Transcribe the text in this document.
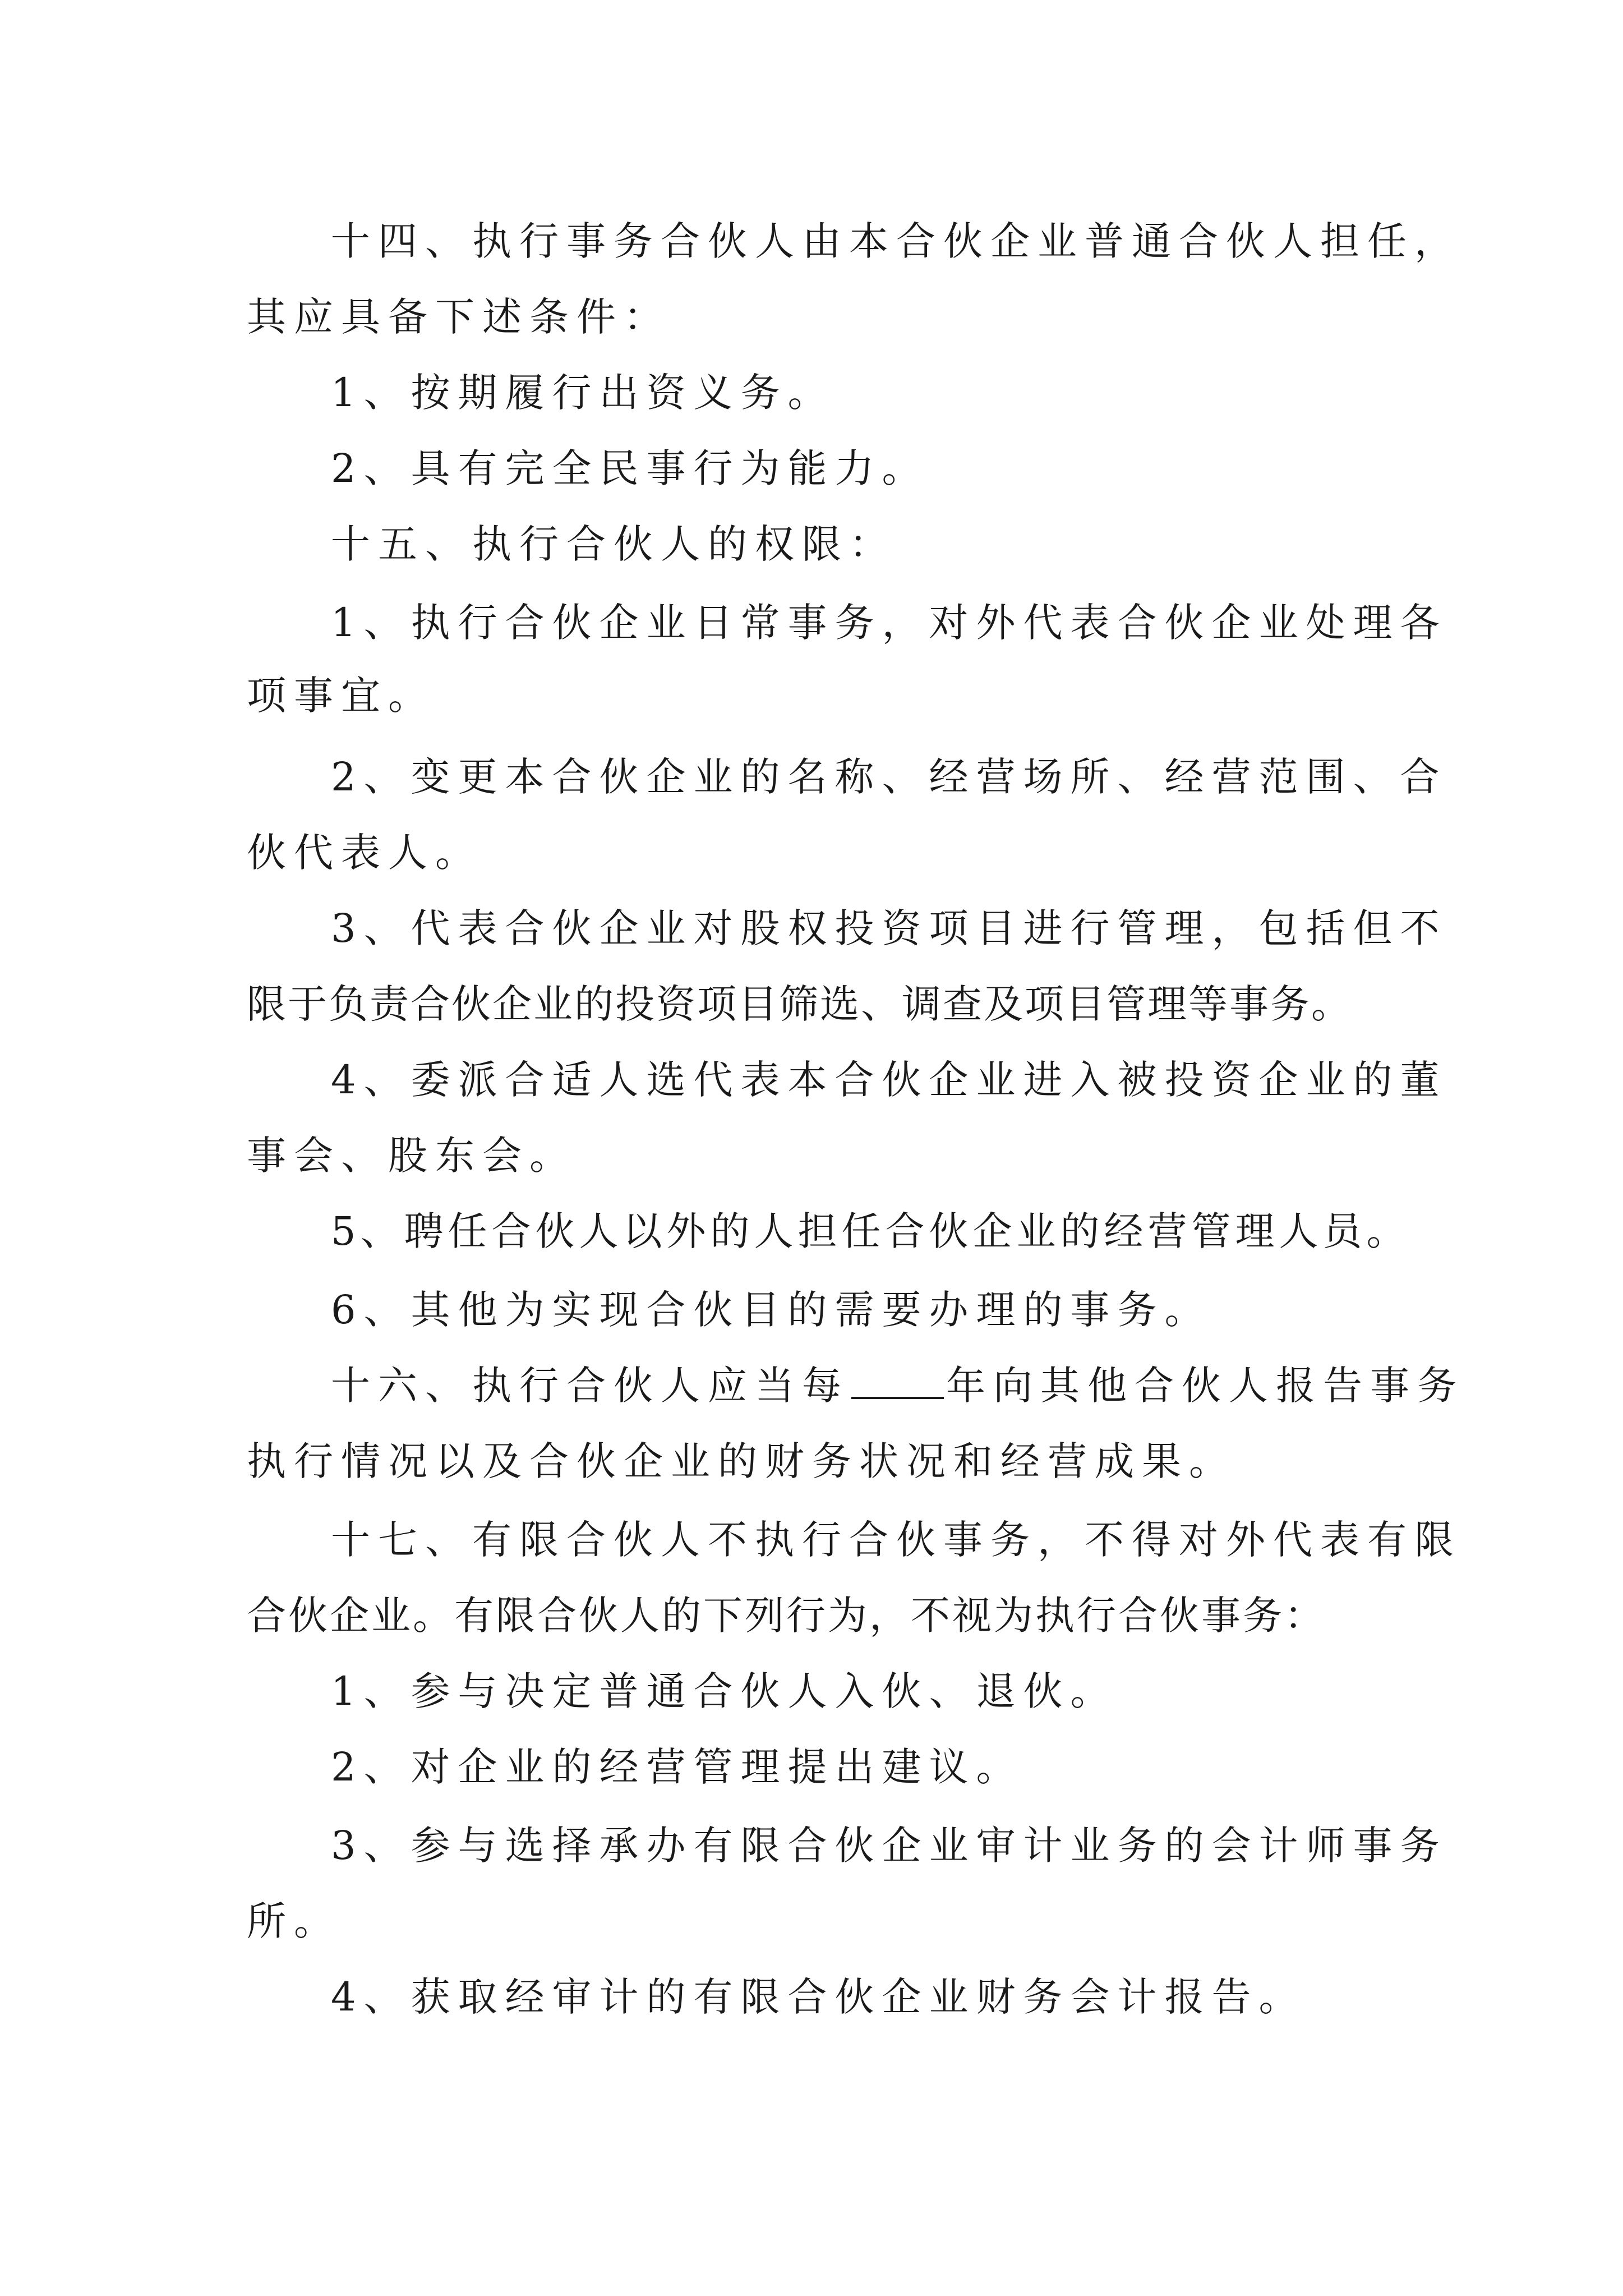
十四、执行事务合伙人由本合伙企业普通合伙人担任，
其应具备下述条件：
1、按期履行出资义务。
2、具有完全民事行为能力。
十五、执行合伙人的权限：
1、执行合伙企业日常事务，对外代表合伙企业处理各
项事宜。
2、变更本合伙企业的名称、经营场所、经营范围、合
伙代表人。
3、代表合伙企业对股权投资项目进行管理，包括但不
限于负责合伙企业的投资项目筛选、调查及项目管理等事务。
4、委派合适人选代表本合伙企业进入被投资企业的董
事会、股东会。
5、聘任合伙人以外的人担任合伙企业的经营管理人员。
6、其他为实现合伙目的需要办理的事务。
十六、执行合伙人应当每 年向其他合伙人报告事务
执行情况以及合伙企业的财务状况和经营成果。
十七、有限合伙人不执行合伙事务，不得对外代表有限
合伙企业。有限合伙人的下列行为，不视为执行合伙事务：
1、参与决定普通合伙人入伙、退伙。
2、对企业的经营管理提出建议。
3、参与选择承办有限合伙企业审计业务的会计师事务
所。
4、获取经审计的有限合伙企业财务会计报告。
